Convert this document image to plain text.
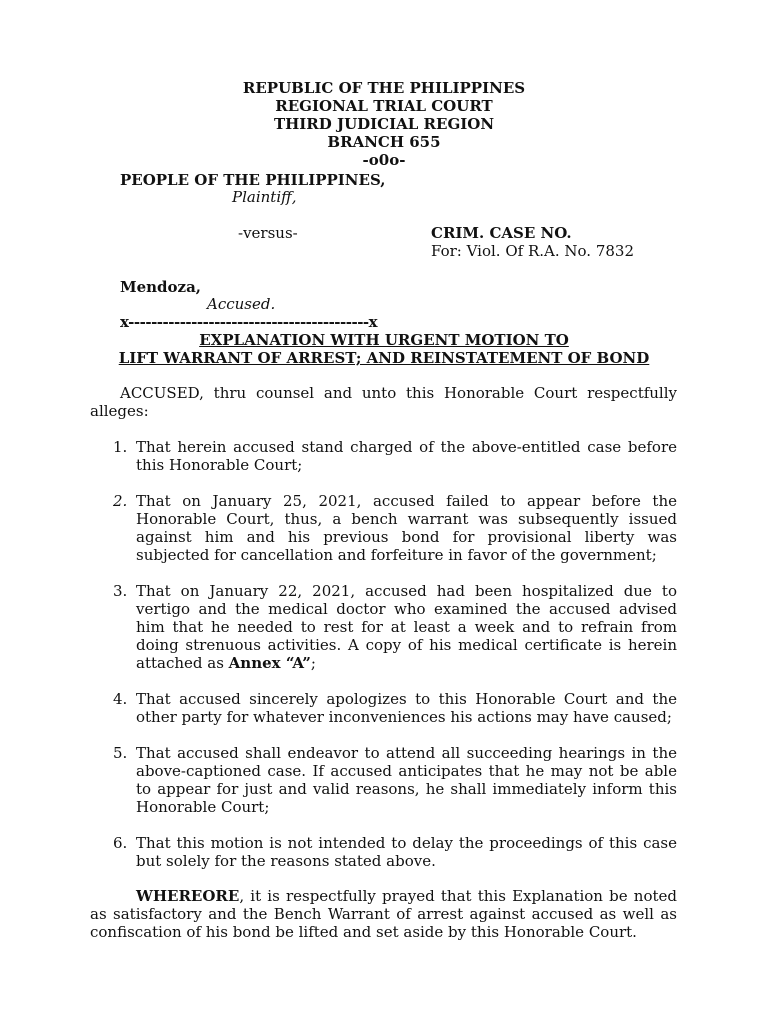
REPUBLIC OF THE PHILIPPINES
REGIONAL TRIAL COURT
THIRD JUDICIAL REGION
BRANCH 655
-o0o-
PEOPLE OF THE PHILIPPINES,
Plaintiff,
-versus-	CRIM. CASE NO.
For: Viol. Of R.A. No. 7832
Mendoza,
Accused.
x------------------------------------------x
EXPLANATION WITH URGENT MOTION TO
LIFT WARRANT OF ARREST; AND REINSTATEMENT OF BOND
ACCUSED, thru counsel and unto this Honorable Court respectfully alleges:
1. That herein accused stand charged of the above-entitled case before this Honorable Court;
2. That on January 25, 2021, accused failed to appear before the Honorable Court, thus, a bench warrant was subsequently issued against him and his previous bond for provisional liberty was subjected for cancellation and forfeiture in favor of the government;
3. That on January 22, 2021, accused had been hospitalized due to vertigo and the medical doctor who examined the accused advised him that he needed to rest for at least a week and to refrain from doing strenuous activities. A copy of his medical certificate is herein attached as Annex “A”;
4. That accused sincerely apologizes to this Honorable Court and the other party for whatever inconveniences his actions may have caused;
5. That accused shall endeavor to attend all succeeding hearings in the above-captioned case. If accused anticipates that he may not be able to appear for just and valid reasons, he shall immediately inform this Honorable Court;
6. That this motion is not intended to delay the proceedings of this case but solely for the reasons stated above.
WHEREORE, it is respectfully prayed that this Explanation be noted as satisfactory and the Bench Warrant of arrest against accused as well as confiscation of his bond be lifted and set aside by this Honorable Court.
